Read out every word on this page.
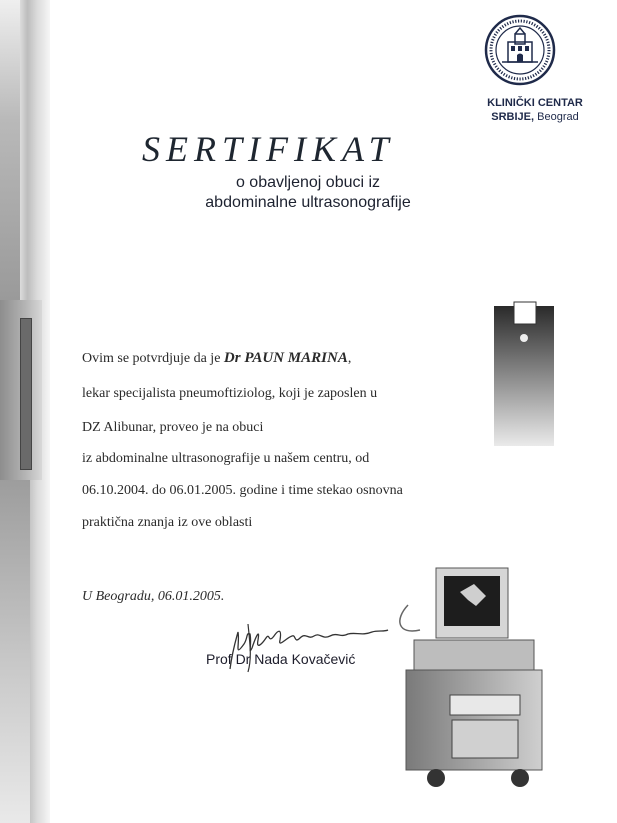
KLINIČKI CENTAR
SRBIJE, Beograd
SERTIFIKAT
o obavljenoj obuci iz
abdominalne ultrasonografije
Ovim se potvrdjuje da je Dr PAUN MARINA,
lekar specijalista pneumoftiziolog, koji je zaposlen u
DZ Alibunar, proveo je na obuci
iz abdominalne ultrasonografije u našem centru, od
06.10.2004. do 06.01.2005. godine i time stekao osnovna
praktična znanja iz ove oblasti
U Beogradu, 06.01.2005.
Prof Dr Nada Kovačević
